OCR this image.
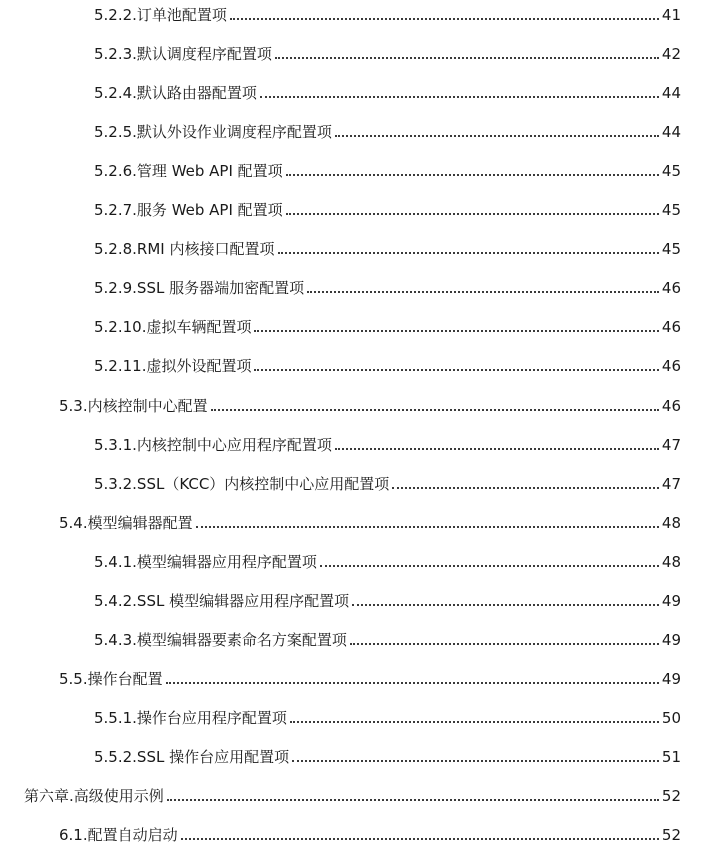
5.2.2.订单池配置项	41
5.2.3.默认调度程序配置项	42
5.2.4.默认路由器配置项	44
5.2.5.默认外设作业调度程序配置项	44
5.2.6.管理 Web API 配置项	45
5.2.7.服务 Web API 配置项	45
5.2.8.RMI 内核接口配置项	45
5.2.9.SSL 服务器端加密配置项	46
5.2.10.虚拟车辆配置项	46
5.2.11.虚拟外设配置项	46
5.3.内核控制中心配置	46
5.3.1.内核控制中心应用程序配置项	47
5.3.2.SSL（KCC）内核控制中心应用配置项	47
5.4.模型编辑器配置	48
5.4.1.模型编辑器应用程序配置项	48
5.4.2.SSL 模型编辑器应用程序配置项	49
5.4.3.模型编辑器要素命名方案配置项	49
5.5.操作台配置	49
5.5.1.操作台应用程序配置项	50
5.5.2.SSL 操作台应用配置项	51
第六章.高级使用示例	52
6.1.配置自动启动	52
